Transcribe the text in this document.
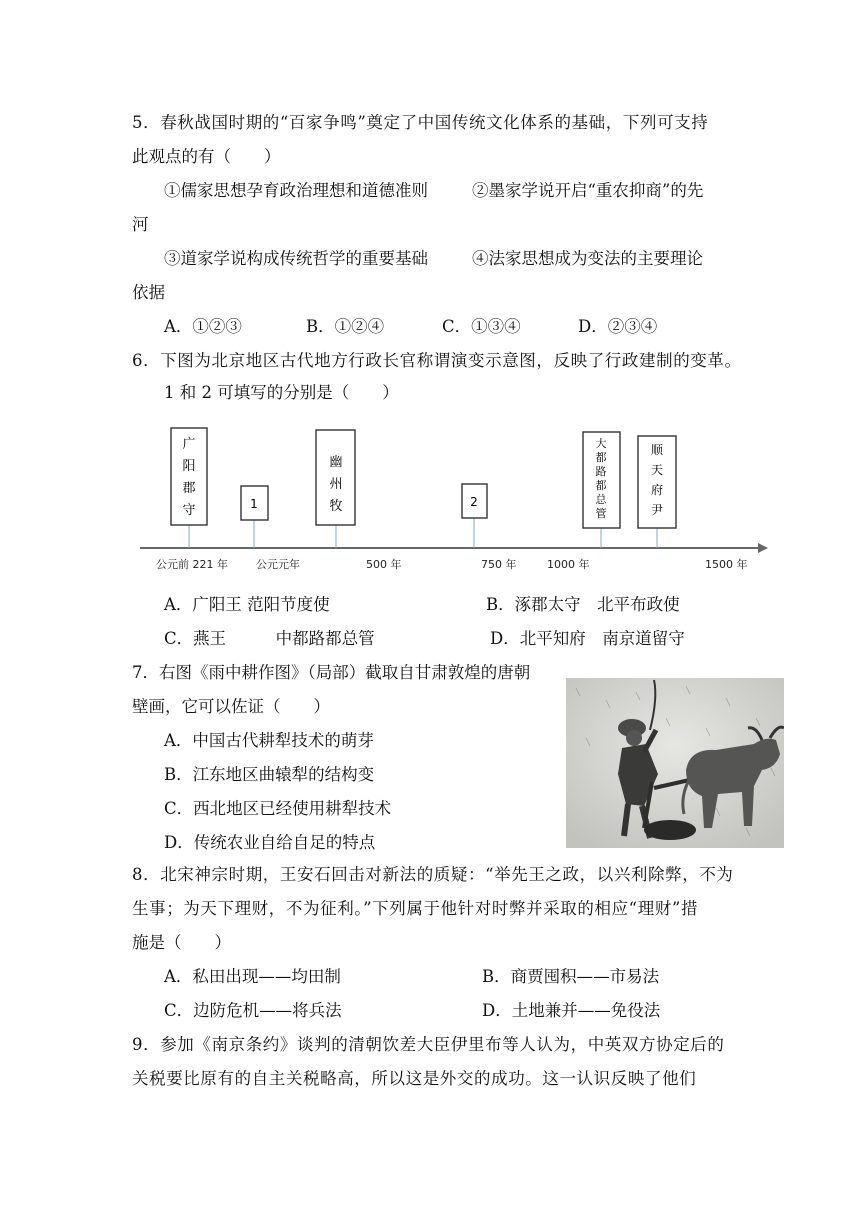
5．春秋战国时期的“百家争鸣”奠定了中国传统文化体系的基础，下列可支持
此观点的有（　　）
①儒家思想孕育政治理想和道德准则	②墨家学说开启“重农抑商”的先
河
③道家学说构成传统哲学的重要基础	④法家思想成为变法的主要理论
依据
A．①②③	B．①②④	C．①③④	D．②③④
6．下图为北京地区古代地方行政长官称谓演变示意图，反映了行政建制的变革。
1 和 2 可填写的分别是（　　）
广
阳
郡
守	1
幽
州
牧	2
大
都
路
都
总
管
顺
天
府
尹
公元前 221 年	公元元年	500 年	750 年	1000 年	1500 年
A．广阳王 范阳节度使	B．涿郡太守　北平布政使
C．燕王　　　中都路都总管	D．北平知府　南京道留守
7．右图《雨中耕作图》（局部）截取自甘肃敦煌的唐朝
壁画，它可以佐证（　　）
A．中国古代耕犁技术的萌芽
B．江东地区曲辕犁的结构变
C．西北地区已经使用耕犁技术
D．传统农业自给自足的特点
8．北宋神宗时期，王安石回击对新法的质疑：“举先王之政，以兴利除弊，不为
生事；为天下理财，不为征利。”下列属于他针对时弊并采取的相应“理财”措
施是（　　）
A．私田出现——均田制	B．商贾囤积——市易法
C．边防危机——将兵法	D．土地兼并——免役法
9．参加《南京条约》谈判的清朝饮差大臣伊里布等人认为，中英双方协定后的
关税要比原有的自主关税略高，所以这是外交的成功。这一认识反映了他们
